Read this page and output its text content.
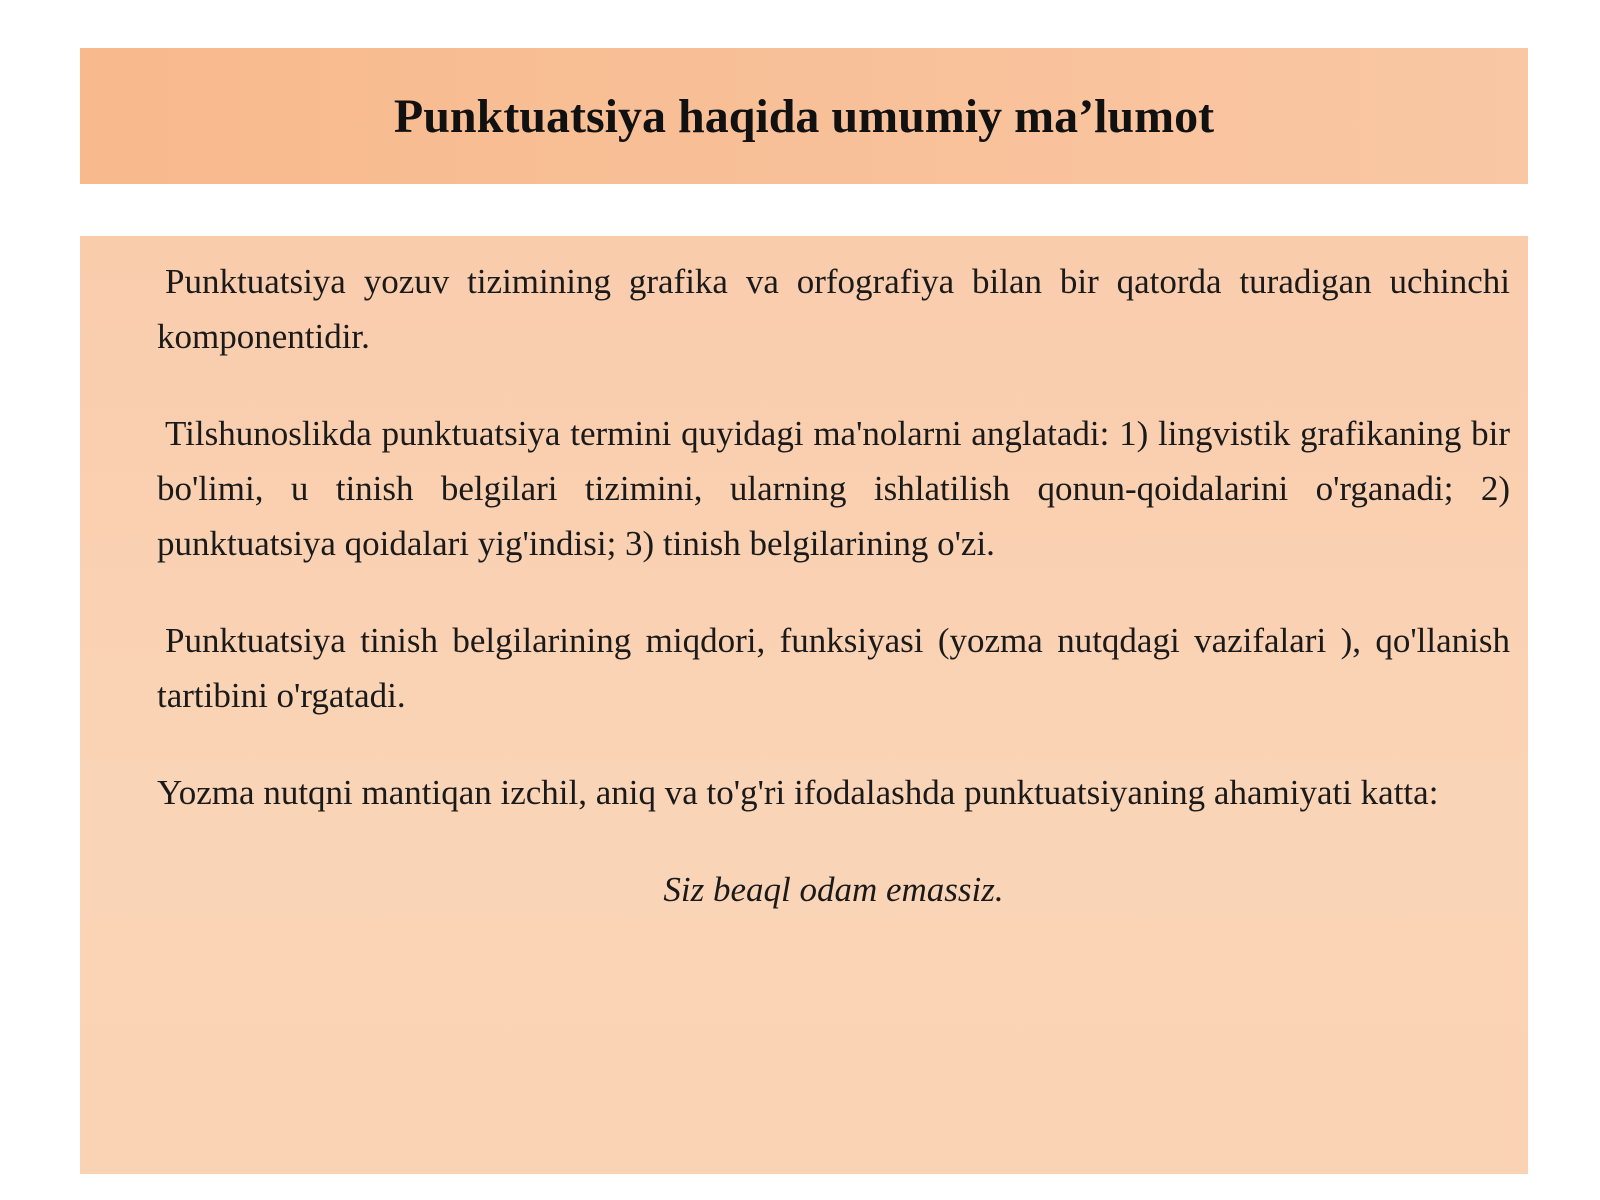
Punktuatsiya haqida umumiy ma’lumot

Punktuatsiya yozuv tizimining grafika va orfografiya bilan bir qatorda turadigan uchinchi komponentidir.

Tilshunoslikda punktuatsiya termini quyidagi ma'nolarni anglatadi: 1) lingvistik grafikaning bir bo'limi, u tinish belgilari tizimini, ularning ishlatilish qonun-qoidalarini o'rganadi; 2) punktuatsiya qoidalari yig'indisi; 3) tinish belgilarining o'zi.

Punktuatsiya tinish belgilarining miqdori, funksiyasi (yozma nutqdagi vazifalari ), qo'llanish tartibini o'rgatadi.

Yozma nutqni mantiqan izchil, aniq va to'g'ri ifodalashda punktuatsiyaning ahamiyati katta:

Siz beaql odam emassiz.
